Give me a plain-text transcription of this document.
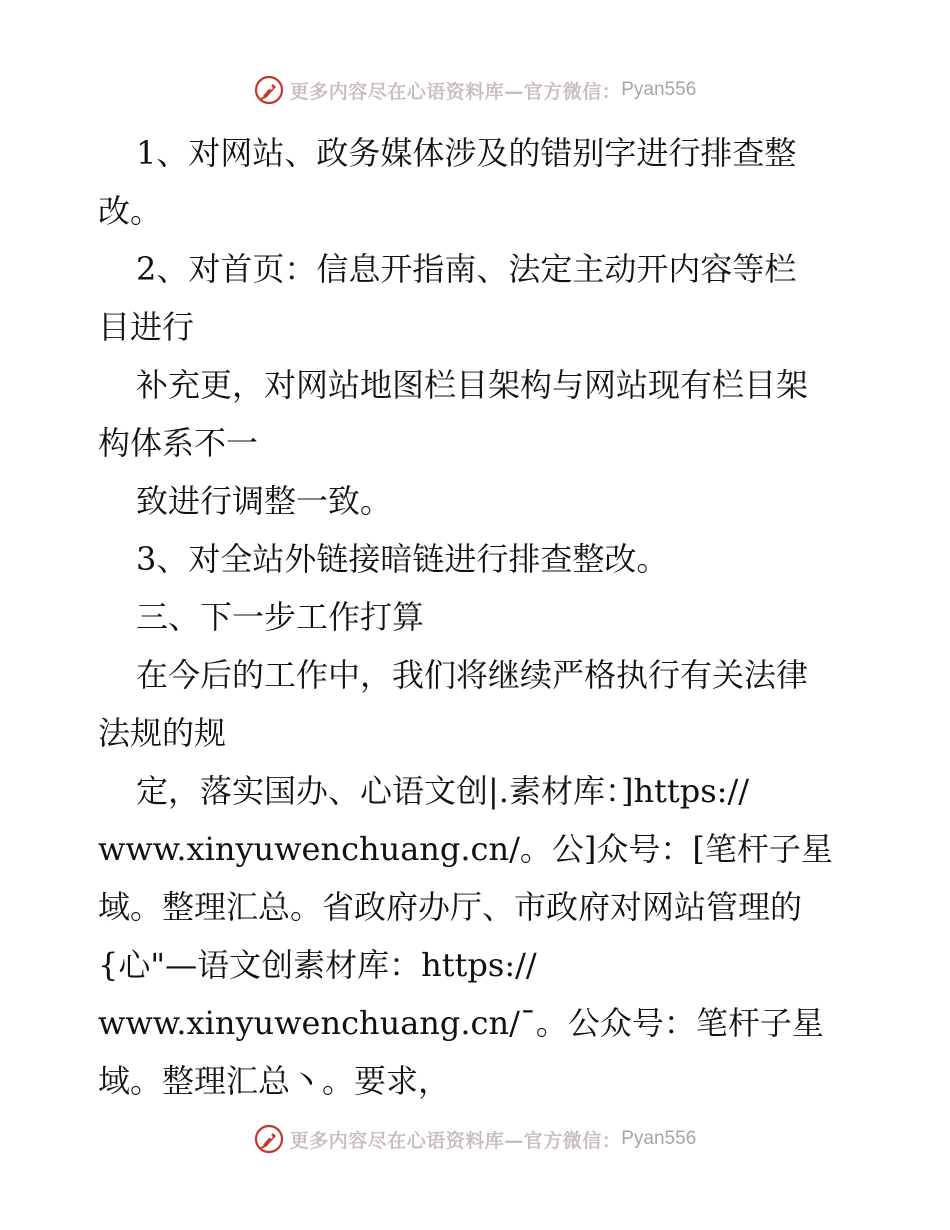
更多内容尽在心语资料库—官方微信： Pyan556
1、对网站、政务媒体涉及的错别字进行排查整
改。
2、对首页：信息开指南、法定主动开内容等栏
目进行
补充更，对网站地图栏目架构与网站现有栏目架
构体系不一
致进行调整一致。
3、对全站外链接暗链进行排查整改。
三、下一步工作打算
在今后的工作中，我们将继续严格执行有关法律
法规的规
定，落实国办、心语文创|.素材库：]https://
www.xinyuwenchuang.cn/。公]众号：[笔杆子星
域。整理汇总。省政府办厅、市政府对网站管理的
{心"—语文创素材库：https://
www.xinyuwenchuang.cn/ˉ。公众号：笔杆子星
域。整理汇总丶。要求，
更多内容尽在心语资料库—官方微信： Pyan556
